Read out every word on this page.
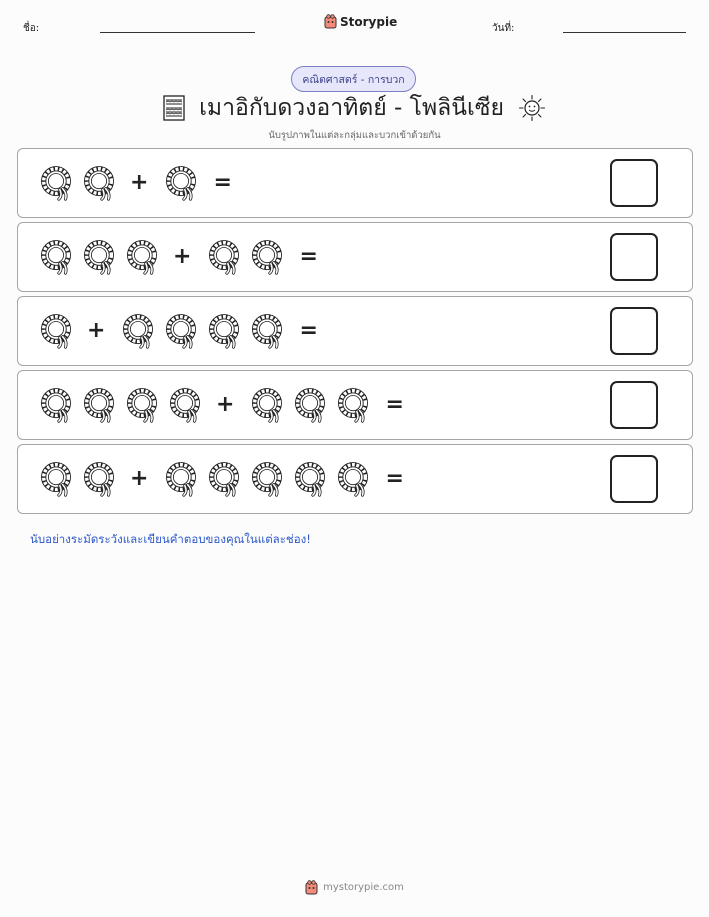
ชื่อ:	Storypie	วันที่:
คณิตศาสตร์ - การบวก
เมาอิกับดวงอาทิตย์ - โพลินีเซีย
นับรูปภาพในแต่ละกลุ่มและบวกเข้าด้วยกัน
+	=
+	=
+	=
+	=
+	=
นับอย่างระมัดระวังและเขียนคำตอบของคุณในแต่ละช่อง!
mystorypie.com
